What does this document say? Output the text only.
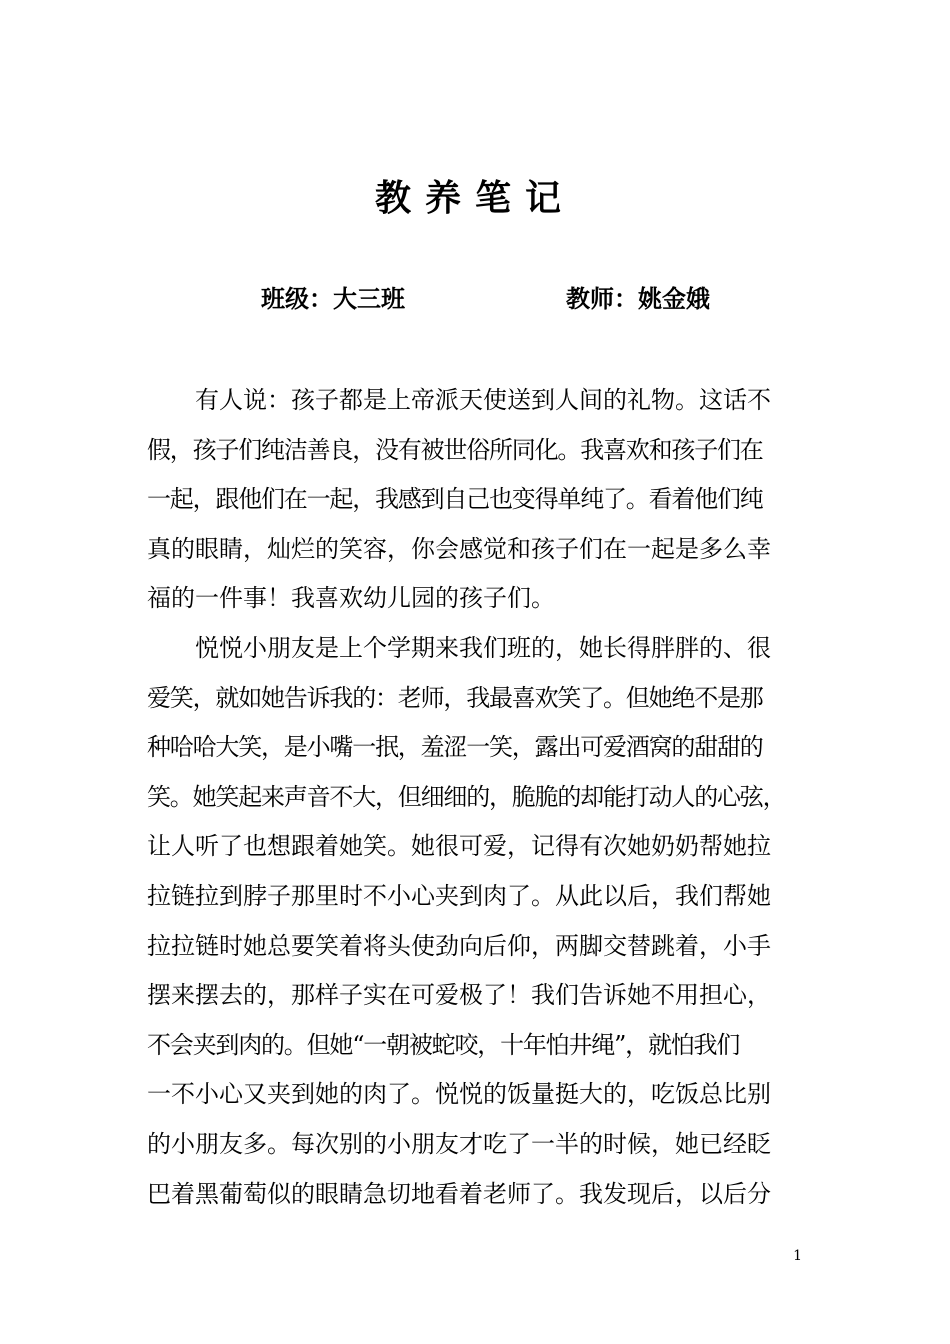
教养笔记
班级：大三班	教师：姚金娥
有人说：孩子都是上帝派天使送到人间的礼物。这话不
假，孩子们纯洁善良，没有被世俗所同化。我喜欢和孩子们在
一起，跟他们在一起，我感到自己也变得单纯了。看着他们纯
真的眼睛，灿烂的笑容，你会感觉和孩子们在一起是多么幸
福的一件事！我喜欢幼儿园的孩子们。
悦悦小朋友是上个学期来我们班的，她长得胖胖的、很
爱笑，就如她告诉我的：老师，我最喜欢笑了。但她绝不是那
种哈哈大笑，是小嘴一抿，羞涩一笑，露出可爱酒窝的甜甜的
笑。她笑起来声音不大，但细细的，脆脆的却能打动人的心弦，
让人听了也想跟着她笑。她很可爱，记得有次她奶奶帮她拉
拉链拉到脖子那里时不小心夹到肉了。从此以后，我们帮她
拉拉链时她总要笑着将头使劲向后仰，两脚交替跳着，小手
摆来摆去的，那样子实在可爱极了！我们告诉她不用担心，
不会夹到肉的。但她“一朝被蛇咬，十年怕井绳”，就怕我们
一不小心又夹到她的肉了。悦悦的饭量挺大的，吃饭总比别
的小朋友多。每次别的小朋友才吃了一半的时候，她已经眨
巴着黑葡萄似的眼睛急切地看着老师了。我发现后，以后分
1
